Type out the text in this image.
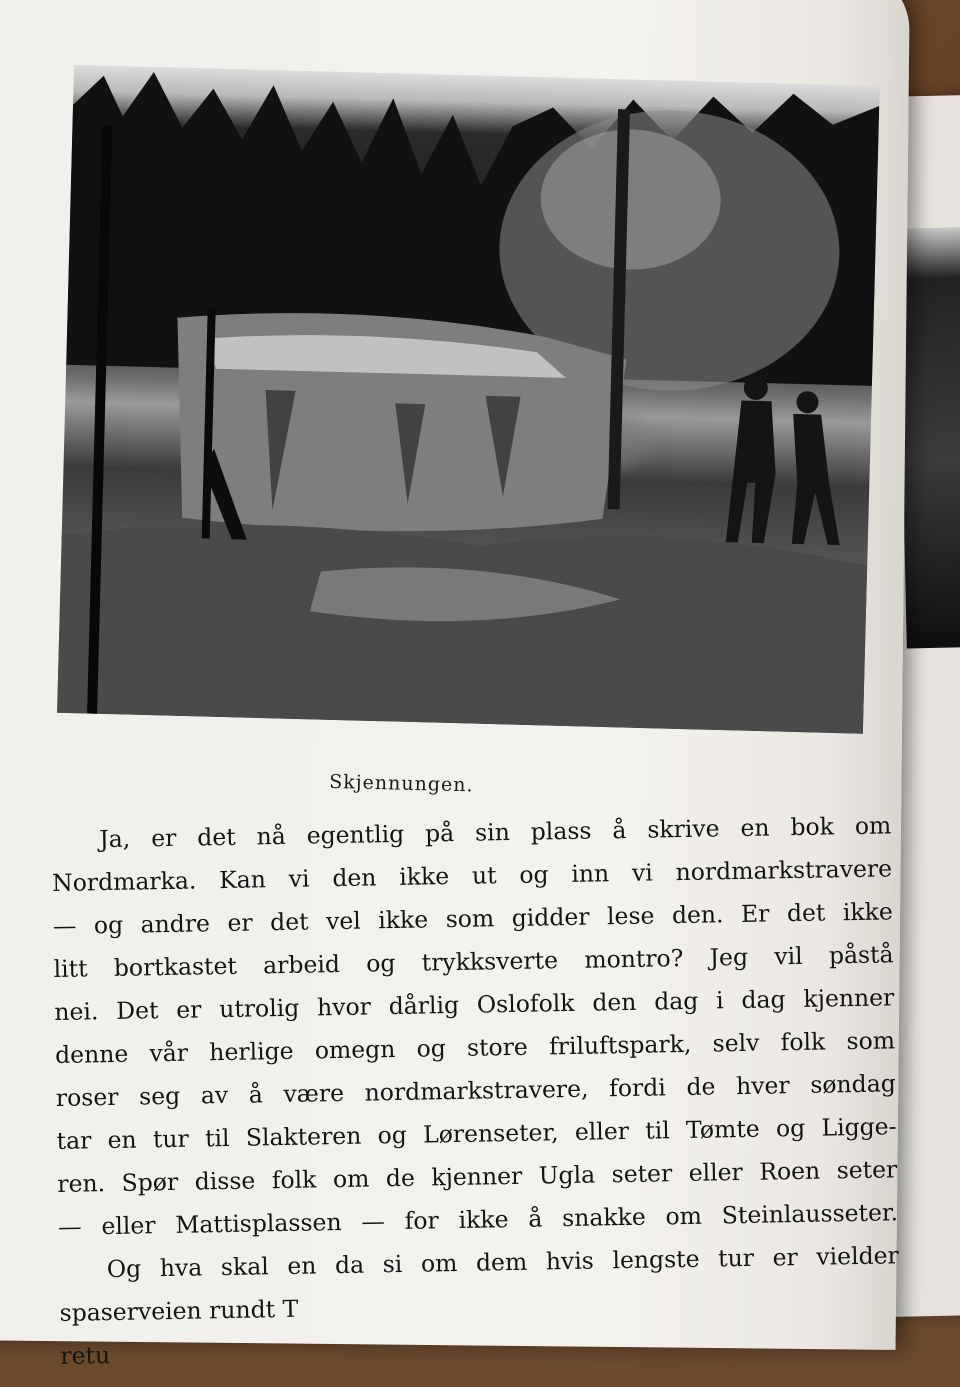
Skjennungen.
Ja, er det nå egentlig på sin plass å skrive en bok om
Nordmarka. Kan vi den ikke ut og inn vi nordmarkstravere
— og andre er det vel ikke som gidder lese den. Er det ikke
litt bortkastet arbeid og trykksverte montro? Jeg vil påstå
nei. Det er utrolig hvor dårlig Oslofolk den dag i dag kjenner
denne vår herlige omegn og store friluftspark, selv folk som
roser seg av å være nordmarkstravere, fordi de hver søndag
tar en tur til Slakteren og Lørenseter, eller til Tømte og Ligge-
ren. Spør disse folk om de kjenner Ugla seter eller Roen seter
— eller Mattisplassen — for ikke å snakke om Steinlausseter.
Og hva skal en da si om dem hvis lengste tur er vielder
spaserveien rundt T
retu
